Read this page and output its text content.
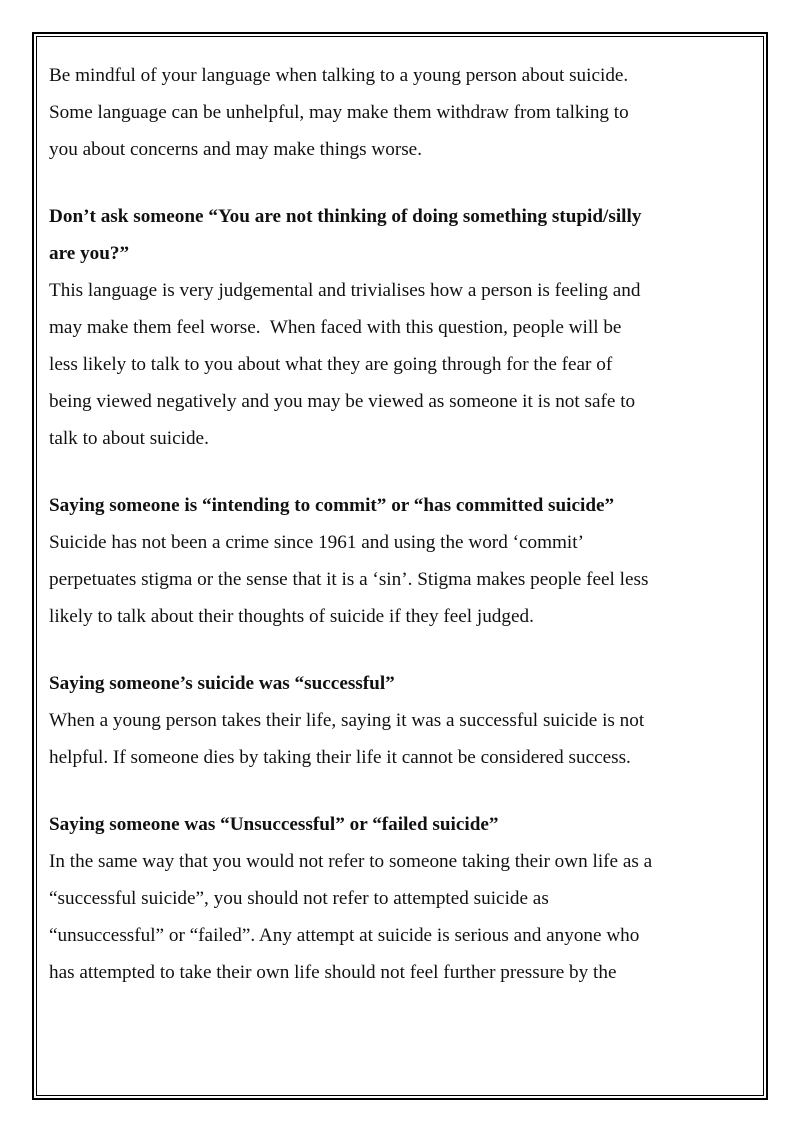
Be mindful of your language when talking to a young person about suicide.
Some language can be unhelpful, may make them withdraw from talking to
you about concerns and may make things worse.

Don’t ask someone “You are not thinking of doing something stupid/silly
are you?”

This language is very judgemental and trivialises how a person is feeling and
may make them feel worse.  When faced with this question, people will be
less likely to talk to you about what they are going through for the fear of
being viewed negatively and you may be viewed as someone it is not safe to
talk to about suicide.

Saying someone is “intending to commit” or “has committed suicide”

Suicide has not been a crime since 1961 and using the word ‘commit’
perpetuates stigma or the sense that it is a ‘sin’. Stigma makes people feel less
likely to talk about their thoughts of suicide if they feel judged.

Saying someone’s suicide was “successful”

When a young person takes their life, saying it was a successful suicide is not
helpful. If someone dies by taking their life it cannot be considered success.

Saying someone was “Unsuccessful” or “failed suicide”

In the same way that you would not refer to someone taking their own life as a
“successful suicide”, you should not refer to attempted suicide as
“unsuccessful” or “failed”. Any attempt at suicide is serious and anyone who
has attempted to take their own life should not feel further pressure by the
